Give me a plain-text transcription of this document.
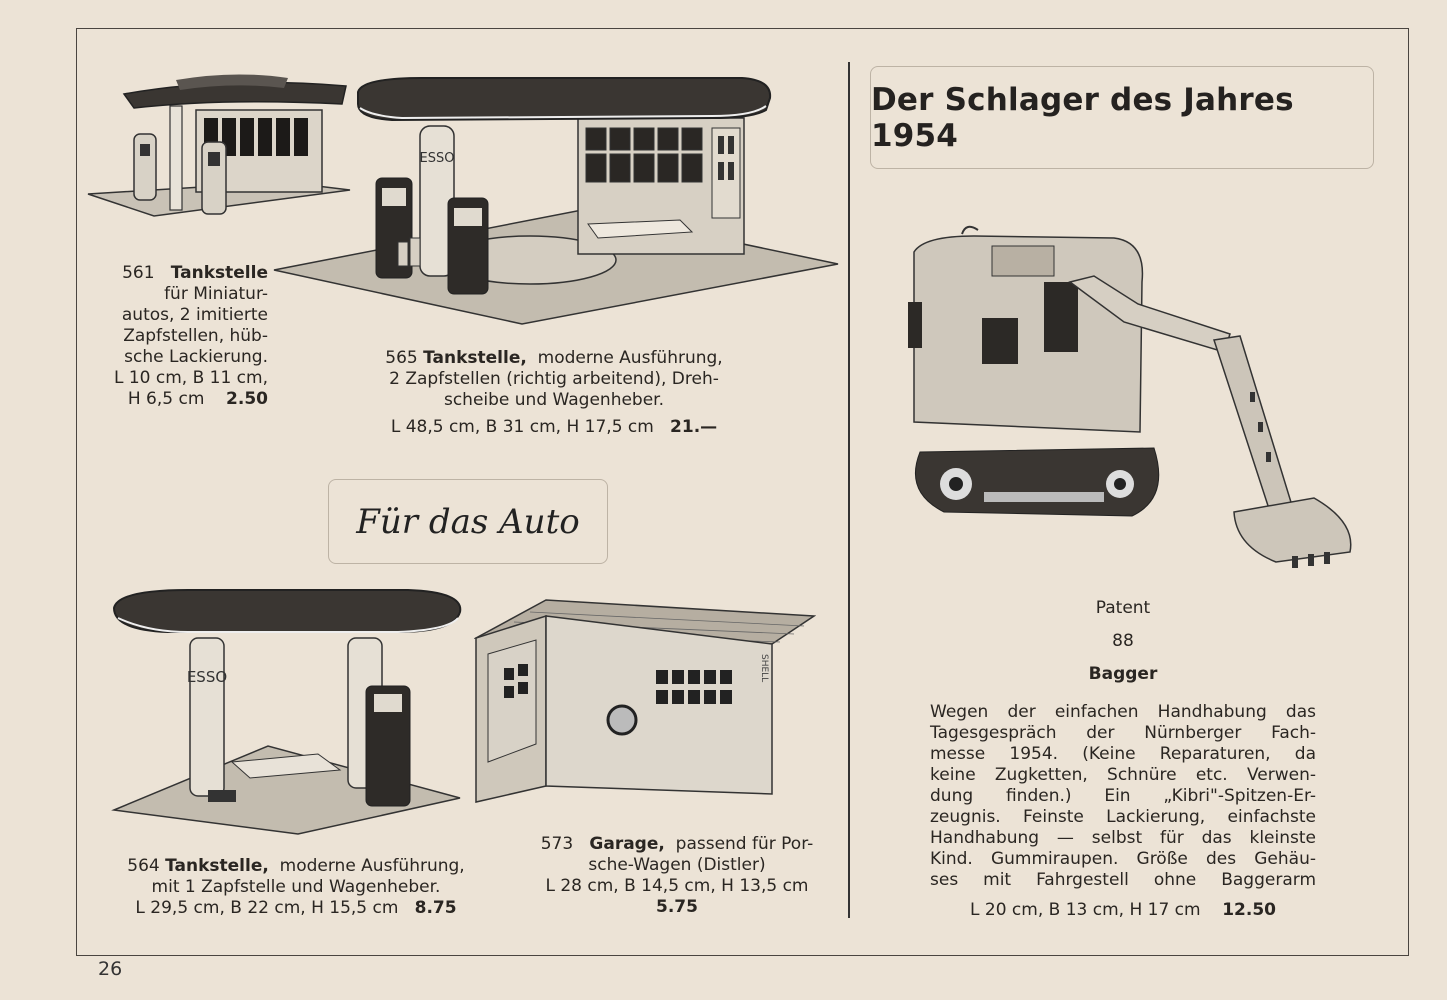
ESSO
ESSO	SHELL
561 Tankstelle
für Miniatur-
autos, 2 imitierte
Zapfstellen, hüb-
sche Lackierung.
L 10 cm, B 11 cm,
H 6,5 cm 2.50
565 Tankstelle, moderne Ausführung,
2 Zapfstellen (richtig arbeitend), Dreh-
scheibe und Wagenheber.
L 48,5 cm, B 31 cm, H 17,5 cm 21.—
Für das Auto
564 Tankstelle, moderne Ausführung,
mit 1 Zapfstelle und Wagenheber.
L 29,5 cm, B 22 cm, H 15,5 cm 8.75
573 Garage, passend für Por-
sche-Wagen (Distler)
L 28 cm, B 14,5 cm, H 13,5 cm
5.75
Der Schlager des Jahres 1954
Patent
88
Bagger
Wegen der einfachen Handhabung das
Tagesgespräch der Nürnberger Fach-
messe 1954. (Keine Reparaturen, da
keine Zugketten, Schnüre etc. Verwen-
dung finden.) Ein „Kibri"-Spitzen-Er-
zeugnis. Feinste Lackierung, einfachste
Handhabung — selbst für das kleinste
Kind. Gummiraupen. Größe des Gehäu-
ses mit Fahrgestell ohne Baggerarm
L 20 cm, B 13 cm, H 17 cm 12.50
26
